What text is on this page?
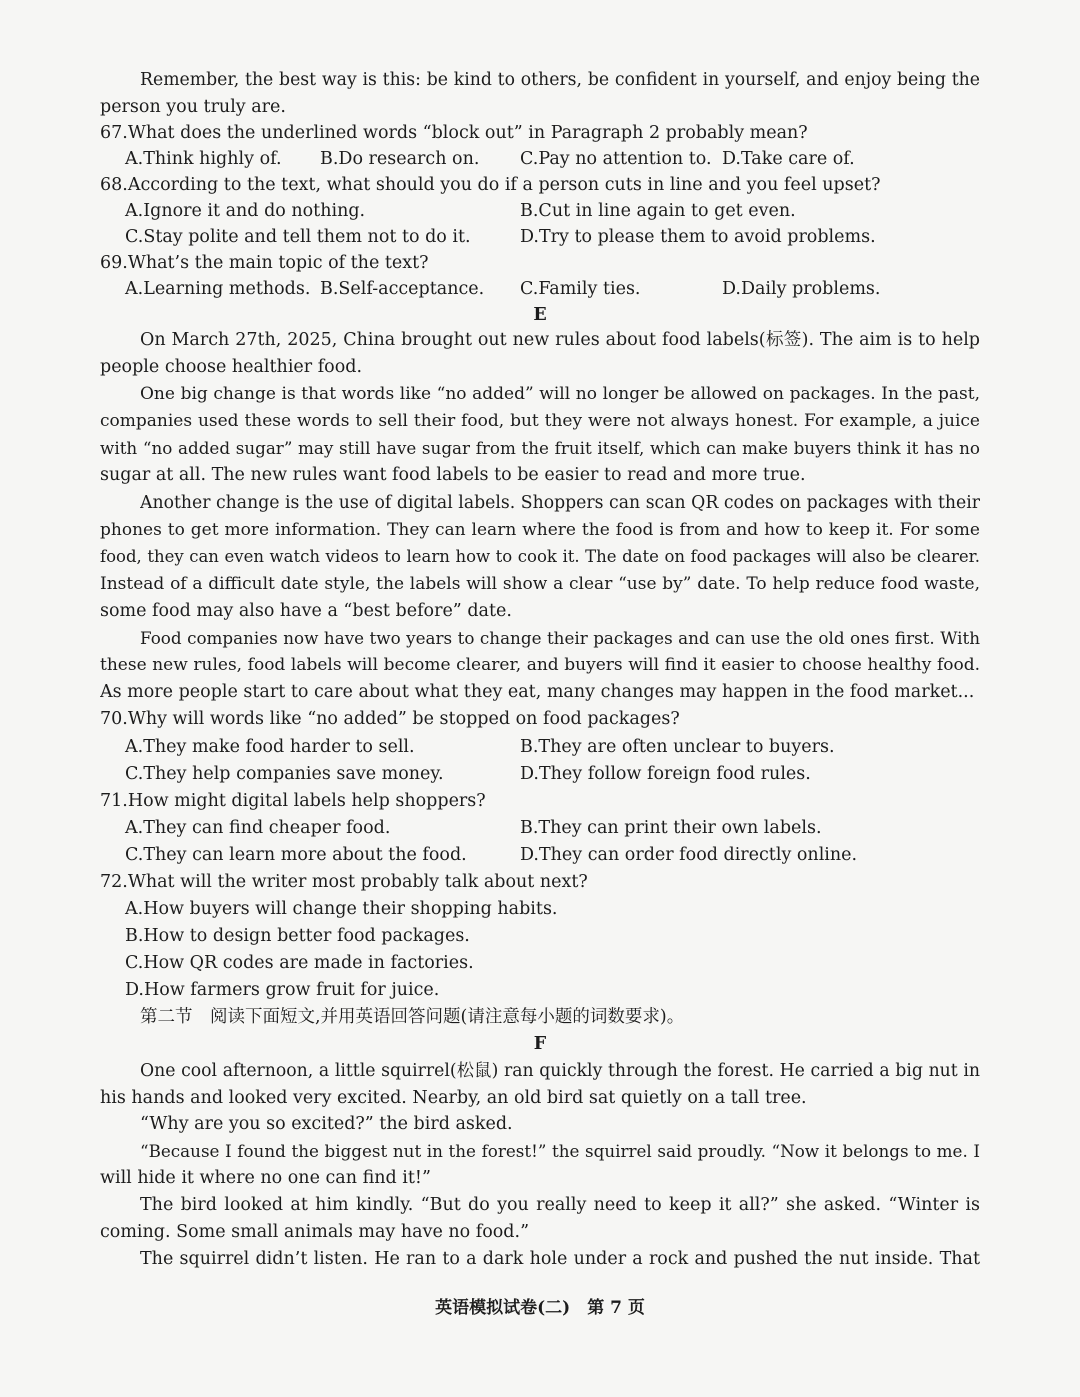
Remember, the best way is this: be kind to others, be confident in yourself, and enjoy being the
person you truly are.
67.What does the underlined words “block out” in Paragraph 2 probably mean?
A.Think highly of. B.Do research on. C.Pay no attention to. D.Take care of.
68.According to the text, what should you do if a person cuts in line and you feel upset?
A.Ignore it and do nothing.	B.Cut in line again to get even.
C.Stay polite and tell them not to do it.	D.Try to please them to avoid problems.
69.What’s the main topic of the text?
A.Learning methods. B.Self-acceptance. C.Family ties.	D.Daily problems.
E
On March 27th, 2025, China brought out new rules about food labels(标签). The aim is to help
people choose healthier food.
One big change is that words like “no added” will no longer be allowed on packages. In the past,
companies used these words to sell their food, but they were not always honest. For example, a juice
with “no added sugar” may still have sugar from the fruit itself, which can make buyers think it has no
sugar at all. The new rules want food labels to be easier to read and more true.
Another change is the use of digital labels. Shoppers can scan QR codes on packages with their
phones to get more information. They can learn where the food is from and how to keep it. For some
food, they can even watch videos to learn how to cook it. The date on food packages will also be clearer.
Instead of a difficult date style, the labels will show a clear “use by” date. To help reduce food waste,
some food may also have a “best before” date.
Food companies now have two years to change their packages and can use the old ones first. With
these new rules, food labels will become clearer, and buyers will find it easier to choose healthy food.
As more people start to care about what they eat, many changes may happen in the food market...
70.Why will words like “no added” be stopped on food packages?
A.They make food harder to sell.	B.They are often unclear to buyers.
C.They help companies save money.	D.They follow foreign food rules.
71.How might digital labels help shoppers?
A.They can find cheaper food.	B.They can print their own labels.
C.They can learn more about the food.	D.They can order food directly online.
72.What will the writer most probably talk about next?
A.How buyers will change their shopping habits.
B.How to design better food packages.
C.How QR codes are made in factories.
D.How farmers grow fruit for juice.
第二节　阅读下面短文,并用英语回答问题(请注意每小题的词数要求)。
F
One cool afternoon, a little squirrel(松鼠) ran quickly through the forest. He carried a big nut in
his hands and looked very excited. Nearby, an old bird sat quietly on a tall tree.
“Why are you so excited?” the bird asked.
“Because I found the biggest nut in the forest!” the squirrel said proudly. “Now it belongs to me. I
will hide it where no one can find it!”
The bird looked at him kindly. “But do you really need to keep it all?” she asked. “Winter is
coming. Some small animals may have no food.”
The squirrel didn’t listen. He ran to a dark hole under a rock and pushed the nut inside. That
英语模拟试卷(二)　第 7 页
